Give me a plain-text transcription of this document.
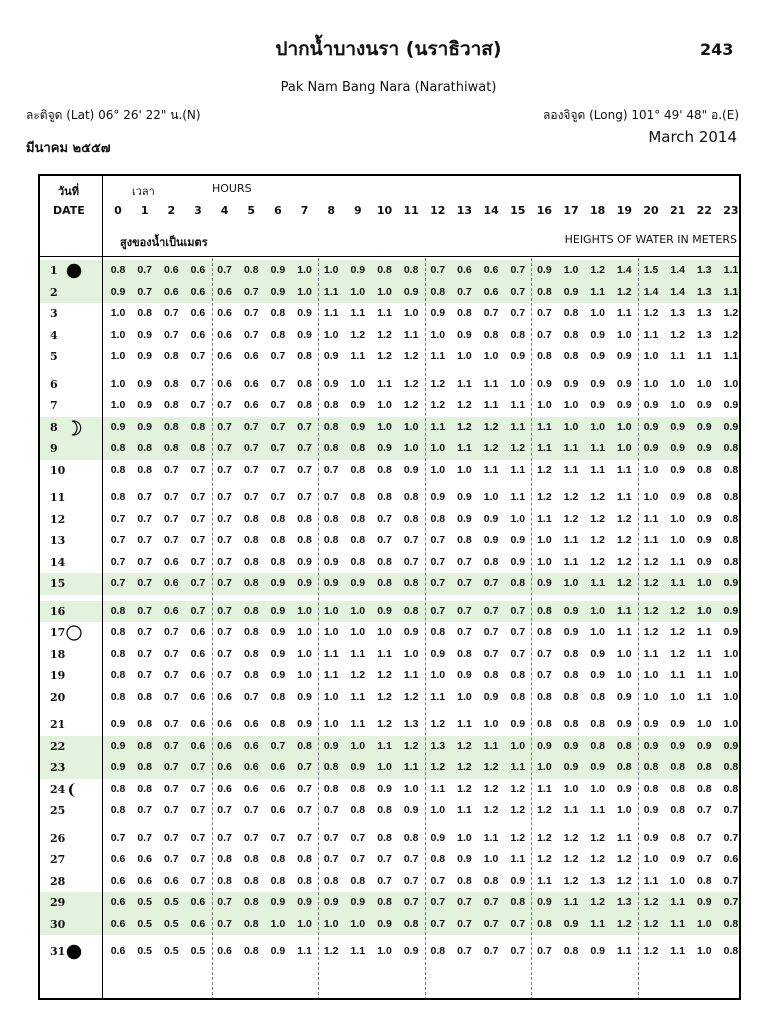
ปากน้ำบางนรา (นราธิวาส)	243
Pak Nam Bang Nara (Narathiwat)
ละติจูด (Lat) 06° 26' 22" น.(N)	ลองจิจูด (Long) 101° 49' 48" อ.(E)
มีนาคม ๒๕๕๗
March 2014
วันที่
DATE
เวลา	HOURS
0	1	2	3	4	5	6	7	8	9	10	11	12	13	14	15	16	17	18	19	20	21	22	23
สูงของน้ำเป็นเมตร	HEIGHTS OF WATER IN METERS
1	0.8	0.7	0.6	0.6	0.7	0.8	0.9	1.0	1.0	0.9	0.8	0.8	0.7	0.6	0.6	0.7	0.9	1.0	1.2	1.4	1.5	1.4	1.3	1.1
2	0.9	0.7	0.6	0.6	0.6	0.7	0.9	1.0	1.1	1.0	1.0	0.9	0.8	0.7	0.6	0.7	0.8	0.9	1.1	1.2	1.4	1.4	1.3	1.1
3	1.0	0.8	0.7	0.6	0.6	0.7	0.8	0.9	1.1	1.1	1.1	1.0	0.9	0.8	0.7	0.7	0.7	0.8	1.0	1.1	1.2	1.3	1.3	1.2
4	1.0	0.9	0.7	0.6	0.6	0.7	0.8	0.9	1.0	1.2	1.2	1.1	1.0	0.9	0.8	0.8	0.7	0.8	0.9	1.0	1.1	1.2	1.3	1.2
5	1.0	0.9	0.8	0.7	0.6	0.6	0.7	0.8	0.9	1.1	1.2	1.2	1.1	1.0	1.0	0.9	0.8	0.8	0.9	0.9	1.0	1.1	1.1	1.1
6	1.0	0.9	0.8	0.7	0.6	0.6	0.7	0.8	0.9	1.0	1.1	1.2	1.2	1.1	1.1	1.0	0.9	0.9	0.9	0.9	1.0	1.0	1.0	1.0
7	1.0	0.9	0.8	0.7	0.7	0.6	0.7	0.8	0.8	0.9	1.0	1.2	1.2	1.2	1.1	1.1	1.0	1.0	0.9	0.9	0.9	1.0	0.9	0.9
8	0.9	0.9	0.8	0.8	0.7	0.7	0.7	0.7	0.8	0.9	1.0	1.0	1.1	1.2	1.2	1.1	1.1	1.0	1.0	1.0	0.9	0.9	0.9	0.9
9	0.8	0.8	0.8	0.8	0.7	0.7	0.7	0.7	0.8	0.8	0.9	1.0	1.0	1.1	1.2	1.2	1.1	1.1	1.1	1.0	0.9	0.9	0.9	0.8
10	0.8	0.8	0.7	0.7	0.7	0.7	0.7	0.7	0.7	0.8	0.8	0.9	1.0	1.0	1.1	1.1	1.2	1.1	1.1	1.1	1.0	0.9	0.8	0.8
11	0.8	0.7	0.7	0.7	0.7	0.7	0.7	0.7	0.7	0.8	0.8	0.8	0.9	0.9	1.0	1.1	1.2	1.2	1.2	1.1	1.0	0.9	0.8	0.8
12	0.7	0.7	0.7	0.7	0.7	0.8	0.8	0.8	0.8	0.8	0.7	0.8	0.8	0.9	0.9	1.0	1.1	1.2	1.2	1.2	1.1	1.0	0.9	0.8
13	0.7	0.7	0.7	0.7	0.7	0.8	0.8	0.8	0.8	0.8	0.7	0.7	0.7	0.8	0.9	0.9	1.0	1.1	1.2	1.2	1.1	1.0	0.9	0.8
14	0.7	0.7	0.6	0.7	0.7	0.8	0.8	0.9	0.9	0.8	0.8	0.7	0.7	0.7	0.8	0.9	1.0	1.1	1.2	1.2	1.2	1.1	0.9	0.8
15	0.7	0.7	0.6	0.7	0.7	0.8	0.9	0.9	0.9	0.9	0.8	0.8	0.7	0.7	0.7	0.8	0.9	1.0	1.1	1.2	1.2	1.1	1.0	0.9
16	0.8	0.7	0.6	0.7	0.7	0.8	0.9	1.0	1.0	1.0	0.9	0.8	0.7	0.7	0.7	0.7	0.8	0.9	1.0	1.1	1.2	1.2	1.0	0.9
17	0.8	0.7	0.7	0.6	0.7	0.8	0.9	1.0	1.0	1.0	1.0	0.9	0.8	0.7	0.7	0.7	0.8	0.9	1.0	1.1	1.2	1.2	1.1	0.9
18	0.8	0.7	0.7	0.6	0.7	0.8	0.9	1.0	1.1	1.1	1.1	1.0	0.9	0.8	0.7	0.7	0.7	0.8	0.9	1.0	1.1	1.2	1.1	1.0
19	0.8	0.7	0.7	0.6	0.7	0.8	0.9	1.0	1.1	1.2	1.2	1.1	1.0	0.9	0.8	0.8	0.7	0.8	0.9	1.0	1.0	1.1	1.1	1.0
20	0.8	0.8	0.7	0.6	0.6	0.7	0.8	0.9	1.0	1.1	1.2	1.2	1.1	1.0	0.9	0.8	0.8	0.8	0.8	0.9	1.0	1.0	1.1	1.0
21	0.9	0.8	0.7	0.6	0.6	0.6	0.8	0.9	1.0	1.1	1.2	1.3	1.2	1.1	1.0	0.9	0.8	0.8	0.8	0.9	0.9	0.9	1.0	1.0
22	0.9	0.8	0.7	0.6	0.6	0.6	0.7	0.8	0.9	1.0	1.1	1.2	1.3	1.2	1.1	1.0	0.9	0.9	0.8	0.8	0.9	0.9	0.9	0.9
23	0.9	0.8	0.7	0.7	0.6	0.6	0.6	0.7	0.8	0.9	1.0	1.1	1.2	1.2	1.2	1.1	1.0	0.9	0.9	0.8	0.8	0.8	0.8	0.8
24	0.8	0.8	0.7	0.7	0.6	0.6	0.6	0.7	0.8	0.8	0.9	1.0	1.1	1.2	1.2	1.2	1.1	1.0	1.0	0.9	0.8	0.8	0.8	0.8
25	0.8	0.7	0.7	0.7	0.7	0.7	0.6	0.7	0.7	0.8	0.8	0.9	1.0	1.1	1.2	1.2	1.2	1.1	1.1	1.0	0.9	0.8	0.7	0.7
26	0.7	0.7	0.7	0.7	0.7	0.7	0.7	0.7	0.7	0.7	0.8	0.8	0.9	1.0	1.1	1.2	1.2	1.2	1.2	1.1	0.9	0.8	0.7	0.7
27	0.6	0.6	0.7	0.7	0.8	0.8	0.8	0.8	0.7	0.7	0.7	0.7	0.8	0.9	1.0	1.1	1.2	1.2	1.2	1.2	1.0	0.9	0.7	0.6
28	0.6	0.6	0.6	0.7	0.8	0.8	0.8	0.8	0.8	0.8	0.7	0.7	0.7	0.8	0.8	0.9	1.1	1.2	1.3	1.2	1.1	1.0	0.8	0.7
29	0.6	0.5	0.5	0.6	0.7	0.8	0.9	0.9	0.9	0.9	0.8	0.7	0.7	0.7	0.7	0.8	0.9	1.1	1.2	1.3	1.2	1.1	0.9	0.7
30	0.6	0.5	0.5	0.6	0.7	0.8	1.0	1.0	1.0	1.0	0.9	0.8	0.7	0.7	0.7	0.7	0.8	0.9	1.1	1.2	1.2	1.1	1.0	0.8
31	0.6	0.5	0.5	0.5	0.6	0.8	0.9	1.1	1.2	1.1	1.0	0.9	0.8	0.7	0.7	0.7	0.7	0.8	0.9	1.1	1.2	1.1	1.0	0.8
